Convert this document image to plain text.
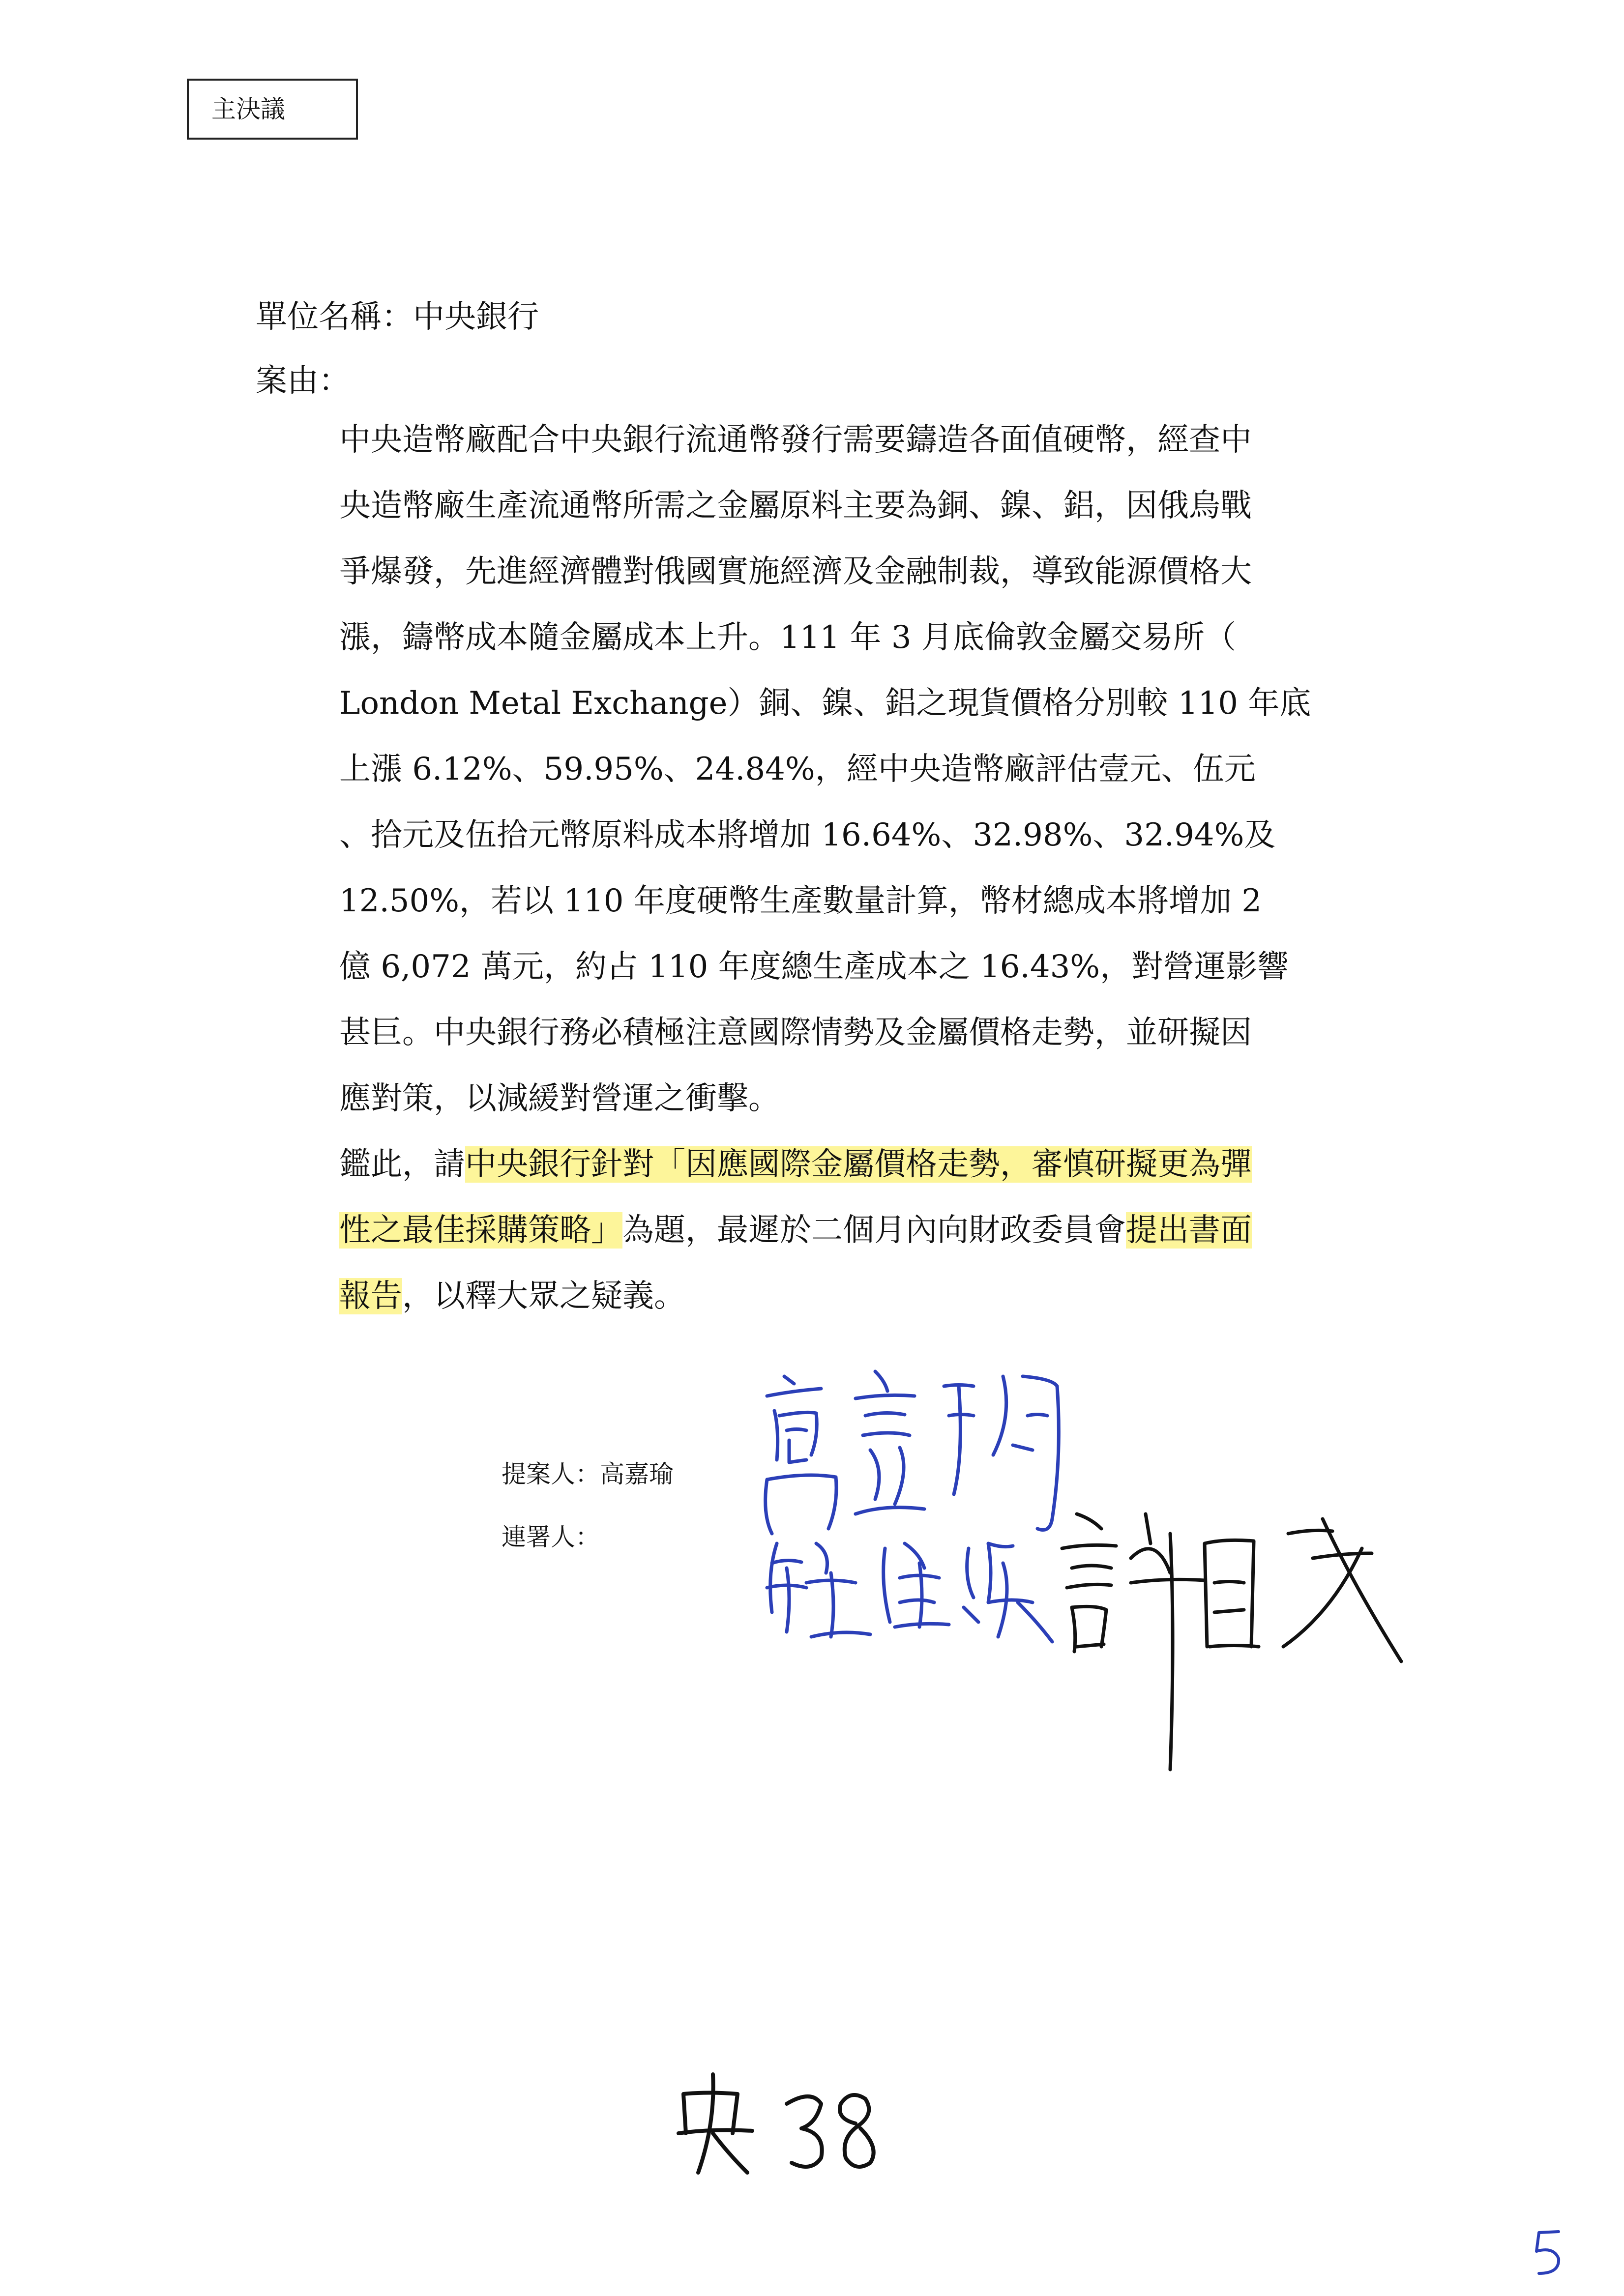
主決議
單位名稱：中央銀行
案由：

中央造幣廠配合中央銀行流通幣發行需要鑄造各面值硬幣，經查中
央造幣廠生產流通幣所需之金屬原料主要為銅、鎳、鋁，因俄烏戰
爭爆發，先進經濟體對俄國實施經濟及金融制裁，導致能源價格大
漲，鑄幣成本隨金屬成本上升。111 年 3 月底倫敦金屬交易所（
London Metal Exchange）銅、鎳、鋁之現貨價格分別較 110 年底
上漲 6.12%、59.95%、24.84%，經中央造幣廠評估壹元、伍元
、拾元及伍拾元幣原料成本將增加 16.64%、32.98%、32.94%及
12.50%，若以 110 年度硬幣生產數量計算，幣材總成本將增加 2
億 6,072 萬元，約占 110 年度總生產成本之 16.43%，對營運影響
甚巨。中央銀行務必積極注意國際情勢及金屬價格走勢，並研擬因
應對策，以減緩對營運之衝擊。

鑑此，請中央銀行針對「因應國際金屬價格走勢，審慎研擬更為彈
性之最佳採購策略」為題，最遲於二個月內向財政委員會提出書面
報告，以釋大眾之疑義。

提案人：高嘉瑜
連署人：
